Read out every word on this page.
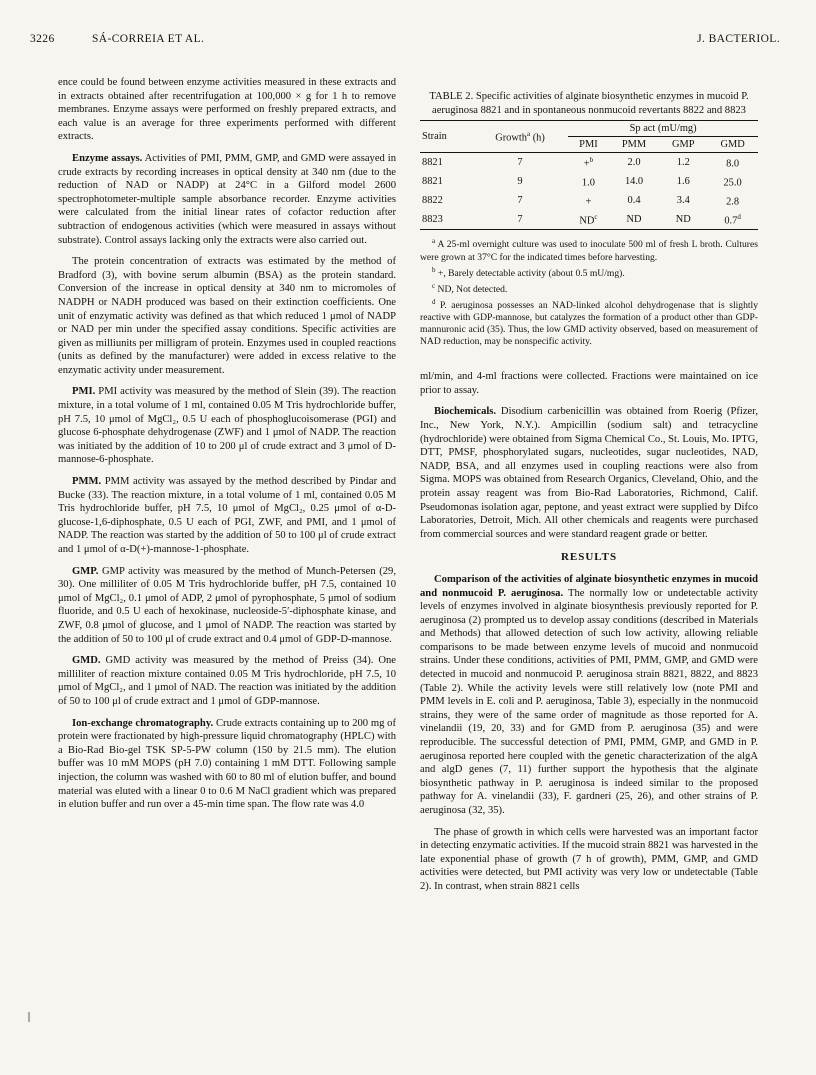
3226	SÁ-CORREIA ET AL.	J. BACTERIOL.

ence could be found between enzyme activities measured in these extracts and in extracts obtained after recentrifugation at 100,000 × g for 1 h to remove membranes. Enzyme assays were performed on freshly prepared extracts, and each value is an average for three experiments performed with different extracts.

Enzyme assays. Activities of PMI, PMM, GMP, and GMD were assayed in crude extracts by recording increases in optical density at 340 nm (due to the reduction of NAD or NADP) at 24°C in a Gilford model 2600 spectrophotometer-multiple sample absorbance recorder. Enzyme activities were calculated from the initial linear rates of cofactor reduction after subtraction of endogenous activities (which were measured in assays without substrate). Control assays lacking only the extracts were also carried out.

The protein concentration of extracts was estimated by the method of Bradford (3), with bovine serum albumin (BSA) as the protein standard. Conversion of the increase in optical density at 340 nm to micromoles of NADPH or NADH produced was based on their extinction coefficients. One unit of enzymatic activity was defined as that which reduced 1 μmol of NADP or NAD per min under the specified assay conditions. Specific activities are given as milliunits per milligram of protein. Enzymes used in coupled reactions (units as defined by the manufacturer) were added in excess relative to the enzymatic activity under measurement.

PMI. PMI activity was measured by the method of Slein (39). The reaction mixture, in a total volume of 1 ml, contained 0.05 M Tris hydrochloride buffer, pH 7.5, 10 μmol of MgCl₂, 0.5 U each of phosphoglucoisomerase (PGI) and glucose 6-phosphate dehydrogenase (ZWF) and 1 μmol of NADP. The reaction was initiated by the addition of 10 to 200 μl of crude extract and 3 μmol of D-mannose-6-phosphate.

PMM. PMM activity was assayed by the method described by Pindar and Bucke (33). The reaction mixture, in a total volume of 1 ml, contained 0.05 M Tris hydrochloride buffer, pH 7.5, 10 μmol of MgCl₂, 0.25 μmol of α-D-glucose-1,6-diphosphate, 0.5 U each of PGI, ZWF, and PMI, and 1 μmol of NADP. The reaction was started by the addition of 50 to 100 μl of crude extract and 1 μmol of α-D(+)-mannose-1-phosphate.

GMP. GMP activity was measured by the method of Munch-Petersen (29, 30). One milliliter of 0.05 M Tris hydrochloride buffer, pH 7.5, contained 10 μmol of MgCl₂, 0.1 μmol of ADP, 2 μmol of pyrophosphate, 5 μmol of sodium fluoride, and 0.5 U each of hexokinase, nucleoside-5′-diphosphate kinase, and ZWF, 0.8 μmol of glucose, and 1 μmol of NADP. The reaction was started by the addition of 50 to 100 μl of crude extract and 0.4 μmol of GDP-D-mannose.

GMD. GMD activity was measured by the method of Preiss (34). One milliliter of reaction mixture contained 0.05 M Tris hydrochloride, pH 7.5, 10 μmol of MgCl₂, and 1 μmol of NAD. The reaction was initiated by the addition of 50 to 100 μl of crude extract and 1 μmol of GDP-mannose.

Ion-exchange chromatography. Crude extracts containing up to 200 mg of protein were fractionated by high-pressure liquid chromatography (HPLC) with a Bio-Rad Bio-gel TSK SP-5-PW column (150 by 21.5 mm). The elution buffer was 10 mM MOPS (pH 7.0) containing 1 mM DTT. Following sample injection, the column was washed with 60 to 80 ml of elution buffer, and bound material was eluted with a linear 0 to 0.6 M NaCl gradient which was prepared in elution buffer and run over a 45-min time span. The flow rate was 4.0

TABLE 2. Specific activities of alginate biosynthetic enzymes in mucoid P. aeruginosa 8821 and in spontaneous nonmucoid revertants 8822 and 8823
Strain	Growth$^a$ (h)	Sp act (mU/mg)			
		PMI	PMM	GMP	GMD
8821	7	+$^b$	2.0	1.2	8.0
8821	9	1.0	14.0	1.6	25.0
8822	7	+	0.4	3.4	2.8
8823	7	$ND^c$	ND	ND	0.7$^d$

$^a$ A 25-ml overnight culture was used to inoculate 500 ml of fresh L broth. Cultures were grown at 37°C for the indicated times before harvesting.

$^b$ +, Barely detectable activity (about 0.5 mU/mg).

$^c$ ND, Not detected.

$^d$ P. aeruginosa possesses an NAD-linked alcohol dehydrogenase that is slightly reactive with GDP-mannose, but catalyzes the formation of a product other than GDP-mannuronic acid (35). Thus, the low GMD activity observed, based on measurement of NAD reduction, may be nonspecific activity.

ml/min, and 4-ml fractions were collected. Fractions were maintained on ice prior to assay.

Biochemicals. Disodium carbenicillin was obtained from Roerig (Pfizer, Inc., New York, N.Y.). Ampicillin (sodium salt) and tetracycline (hydrochloride) were obtained from Sigma Chemical Co., St. Louis, Mo. IPTG, DTT, PMSF, phosphorylated sugars, nucleotides, sugar nucleotides, NAD, NADP, BSA, and all enzymes used in coupling reactions were also from Sigma. MOPS was obtained from Research Organics, Cleveland, Ohio, and the protein assay reagent was from Bio-Rad Laboratories, Richmond, Calif. Pseudomonas isolation agar, peptone, and yeast extract were supplied by Difco Laboratories, Detroit, Mich. All other chemicals and reagents were purchased from commercial sources and were standard reagent grade or better.

RESULTS

Comparison of the activities of alginate biosynthetic enzymes in mucoid and nonmucoid P. aeruginosa. The normally low or undetectable activity levels of enzymes involved in alginate biosynthesis previously reported for P. aeruginosa (2) prompted us to develop assay conditions (described in Materials and Methods) that allowed detection of such low activity, allowing reliable comparisons to be made between enzyme levels of mucoid and nonmucoid strains. Under these conditions, activities of PMI, PMM, GMP, and GMD were detected in mucoid and nonmucoid P. aeruginosa strain 8821, 8822, and 8823 (Table 2). While the activity levels were still relatively low (note PMI and PMM levels in E. coli and P. aeruginosa, Table 3), especially in the nonmucoid strains, they were of the same order of magnitude as those reported for A. vinelandii (19, 20, 33) and for GMD from P. aeruginosa (35) and were reproducible. The successful detection of PMI, PMM, GMP, and GMD in P. aeruginosa reported here coupled with the genetic characterization of the algA and algD genes (7, 11) further support the hypothesis that the alginate biosynthetic pathway in P. aeruginosa is indeed similar to the proposed pathway for A. vinelandii (33), F. gardneri (25, 26), and other strains of P. aeruginosa (32, 35).

The phase of growth in which cells were harvested was an important factor in detecting enzymatic activities. If the mucoid strain 8821 was harvested in the late exponential phase of growth (7 h of growth), PMM, GMP, and GMD activities were detected, but PMI activity was very low or undetectable (Table 2). In contrast, when strain 8821 cells
